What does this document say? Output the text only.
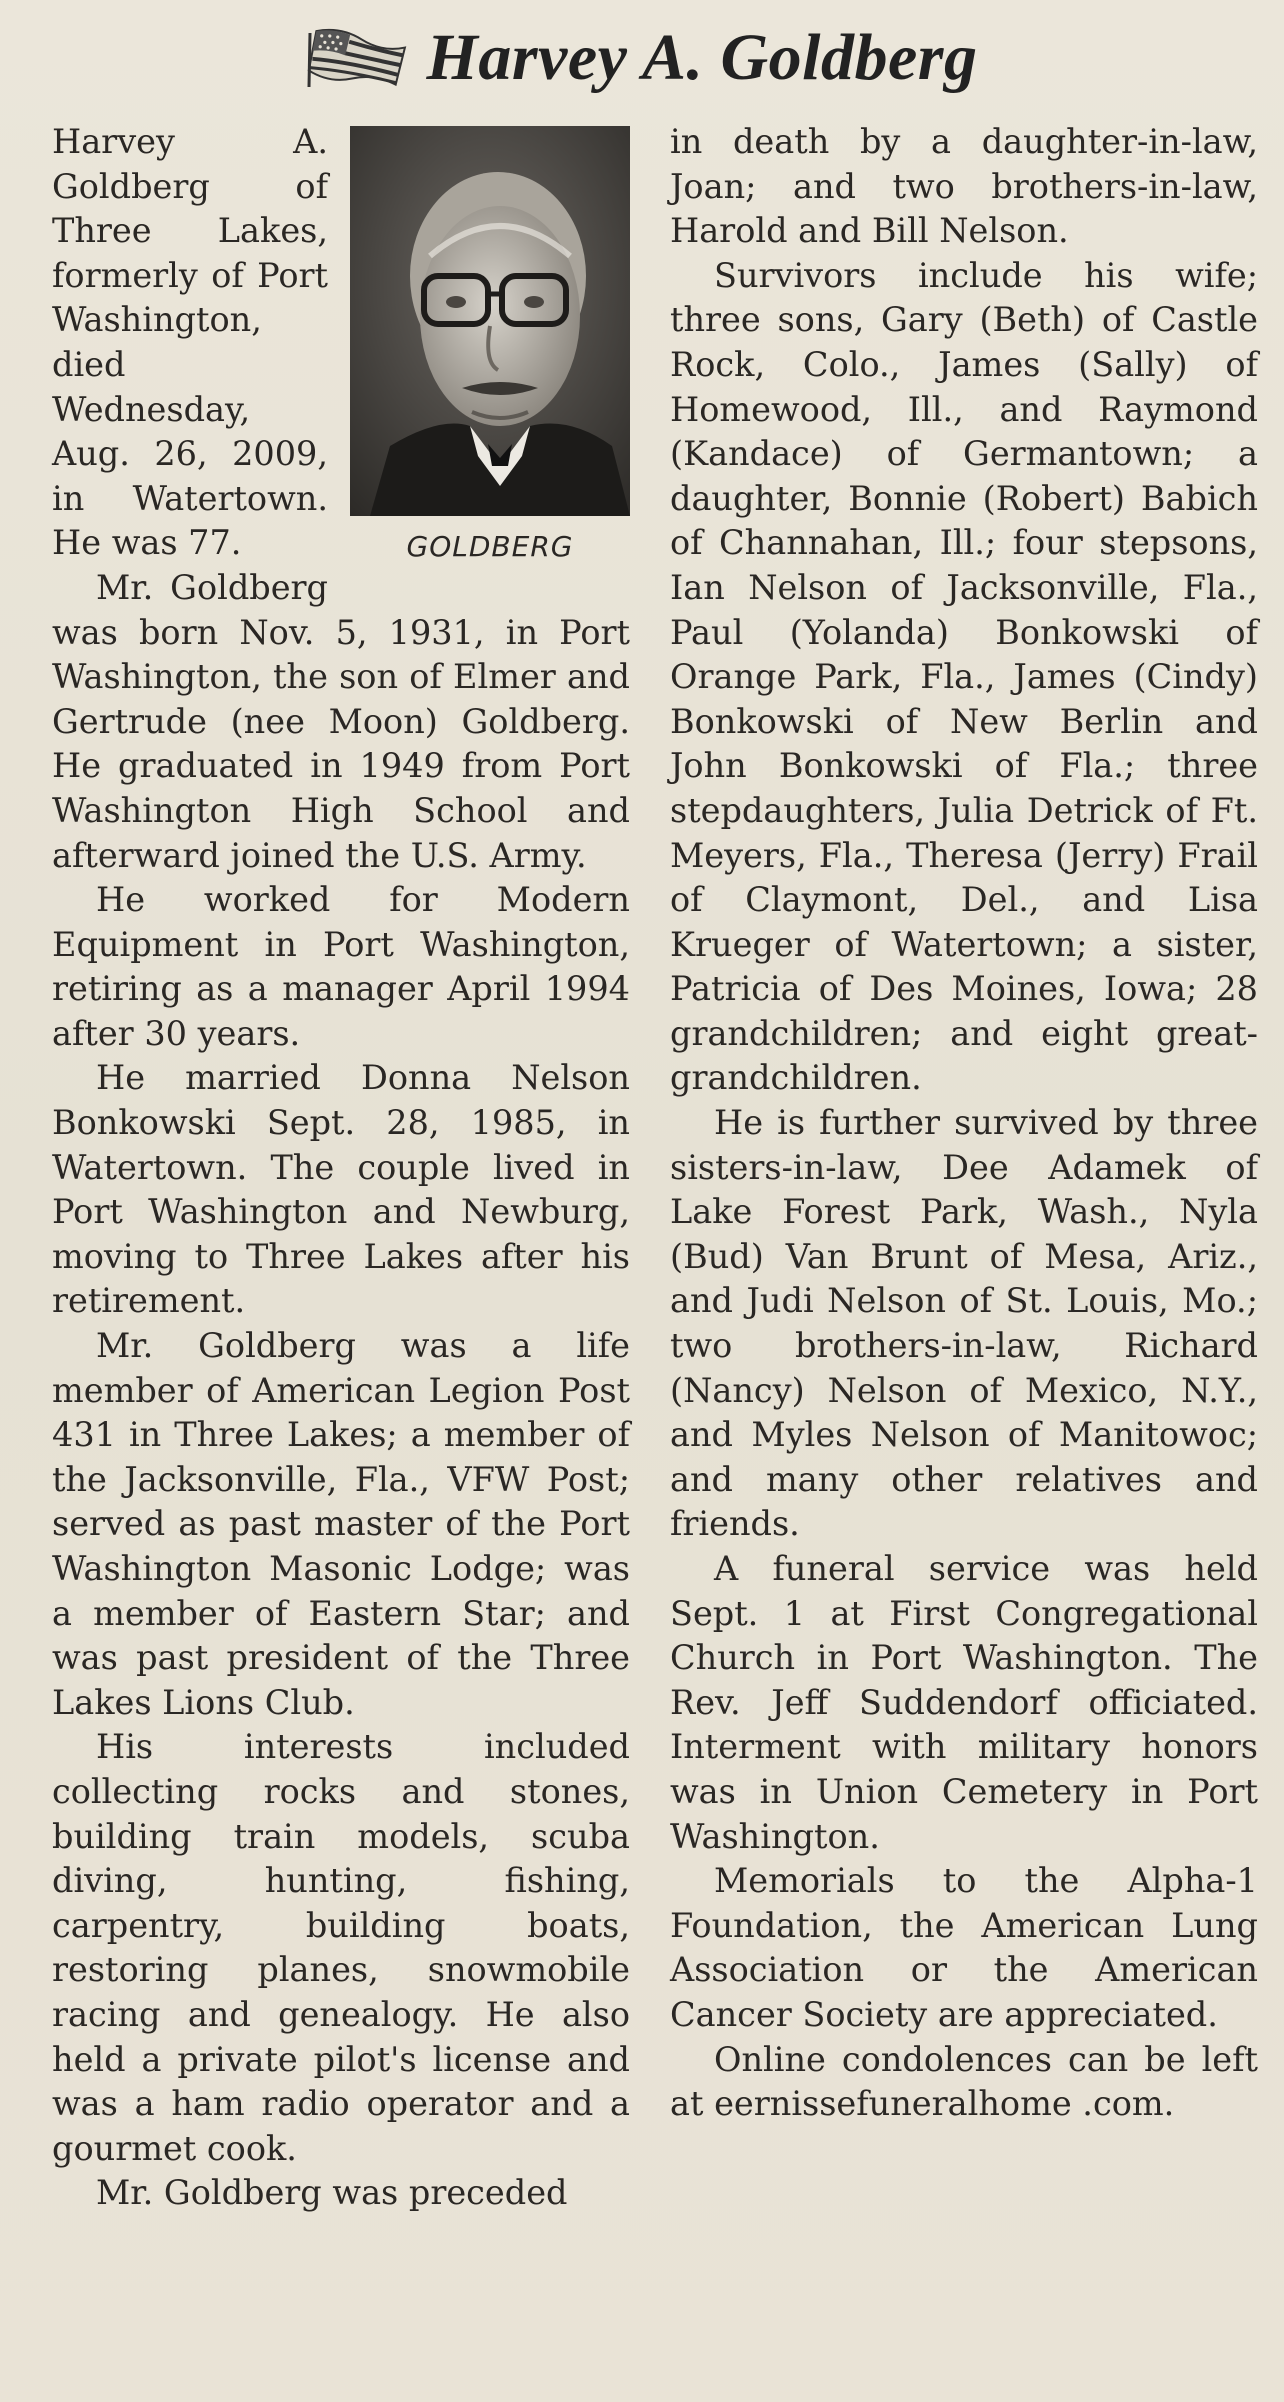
Harvey A. Goldberg
GOLDBERG

Harvey A. Goldberg of Three Lakes, formerly of Port Washington, died Wednesday, Aug. 26, 2009, in Watertown. He was 77.

Mr. Goldberg was born Nov. 5, 1931, in Port Washington, the son of Elmer and Gertrude (nee Moon) Goldberg. He graduated in 1949 from Port Washington High School and afterward joined the U.S. Army.

He worked for Modern Equipment in Port Washington, retiring as a manager April 1994 after 30 years.

He married Donna Nelson Bonkowski Sept. 28, 1985, in Watertown. The couple lived in Port Washington and Newburg, moving to Three Lakes after his retirement.

Mr. Goldberg was a life member of American Legion Post 431 in Three Lakes; a member of the Jacksonville, Fla., VFW Post; served as past master of the Port Washington Masonic Lodge; was a member of Eastern Star; and was past president of the Three Lakes Lions Club.

His interests included collecting rocks and stones, building train models, scuba diving, hunting, fishing, carpentry, building boats, restoring planes, snowmobile racing and genealogy. He also held a private pilot's license and was a ham radio operator and a gourmet cook.

Mr. Goldberg was preceded

in death by a daughter-in-law, Joan; and two brothers-in-law, Harold and Bill Nelson.

Survivors include his wife; three sons, Gary (Beth) of Castle Rock, Colo., James (Sally) of Homewood, Ill., and Raymond (Kandace) of Germantown; a daughter, Bonnie (Robert) Babich of Channahan, Ill.; four stepsons, Ian Nelson of Jacksonville, Fla., Paul (Yolanda) Bonkowski of Orange Park, Fla., James (Cindy) Bonkowski of New Berlin and John Bonkowski of Fla.; three stepdaughters, Julia Detrick of Ft. Meyers, Fla., Theresa (Jerry) Frail of Claymont, Del., and Lisa Krueger of Watertown; a sister, Patricia of Des Moines, Iowa; 28 grandchildren; and eight great-grandchildren.

He is further survived by three sisters-in-law, Dee Adamek of Lake Forest Park, Wash., Nyla (Bud) Van Brunt of Mesa, Ariz., and Judi Nelson of St. Louis, Mo.; two brothers-in-law, Richard (Nancy) Nelson of Mexico, N.Y., and Myles Nelson of Manitowoc; and many other relatives and friends.

A funeral service was held Sept. 1 at First Congregational Church in Port Washington. The Rev. Jeff Suddendorf officiated. Interment with military honors was in Union Cemetery in Port Washington.

Memorials to the Alpha-1 Foundation, the American Lung Association or the American Cancer Society are appreciated.

Online condolences can be left at eernissefuneralhome .com.
